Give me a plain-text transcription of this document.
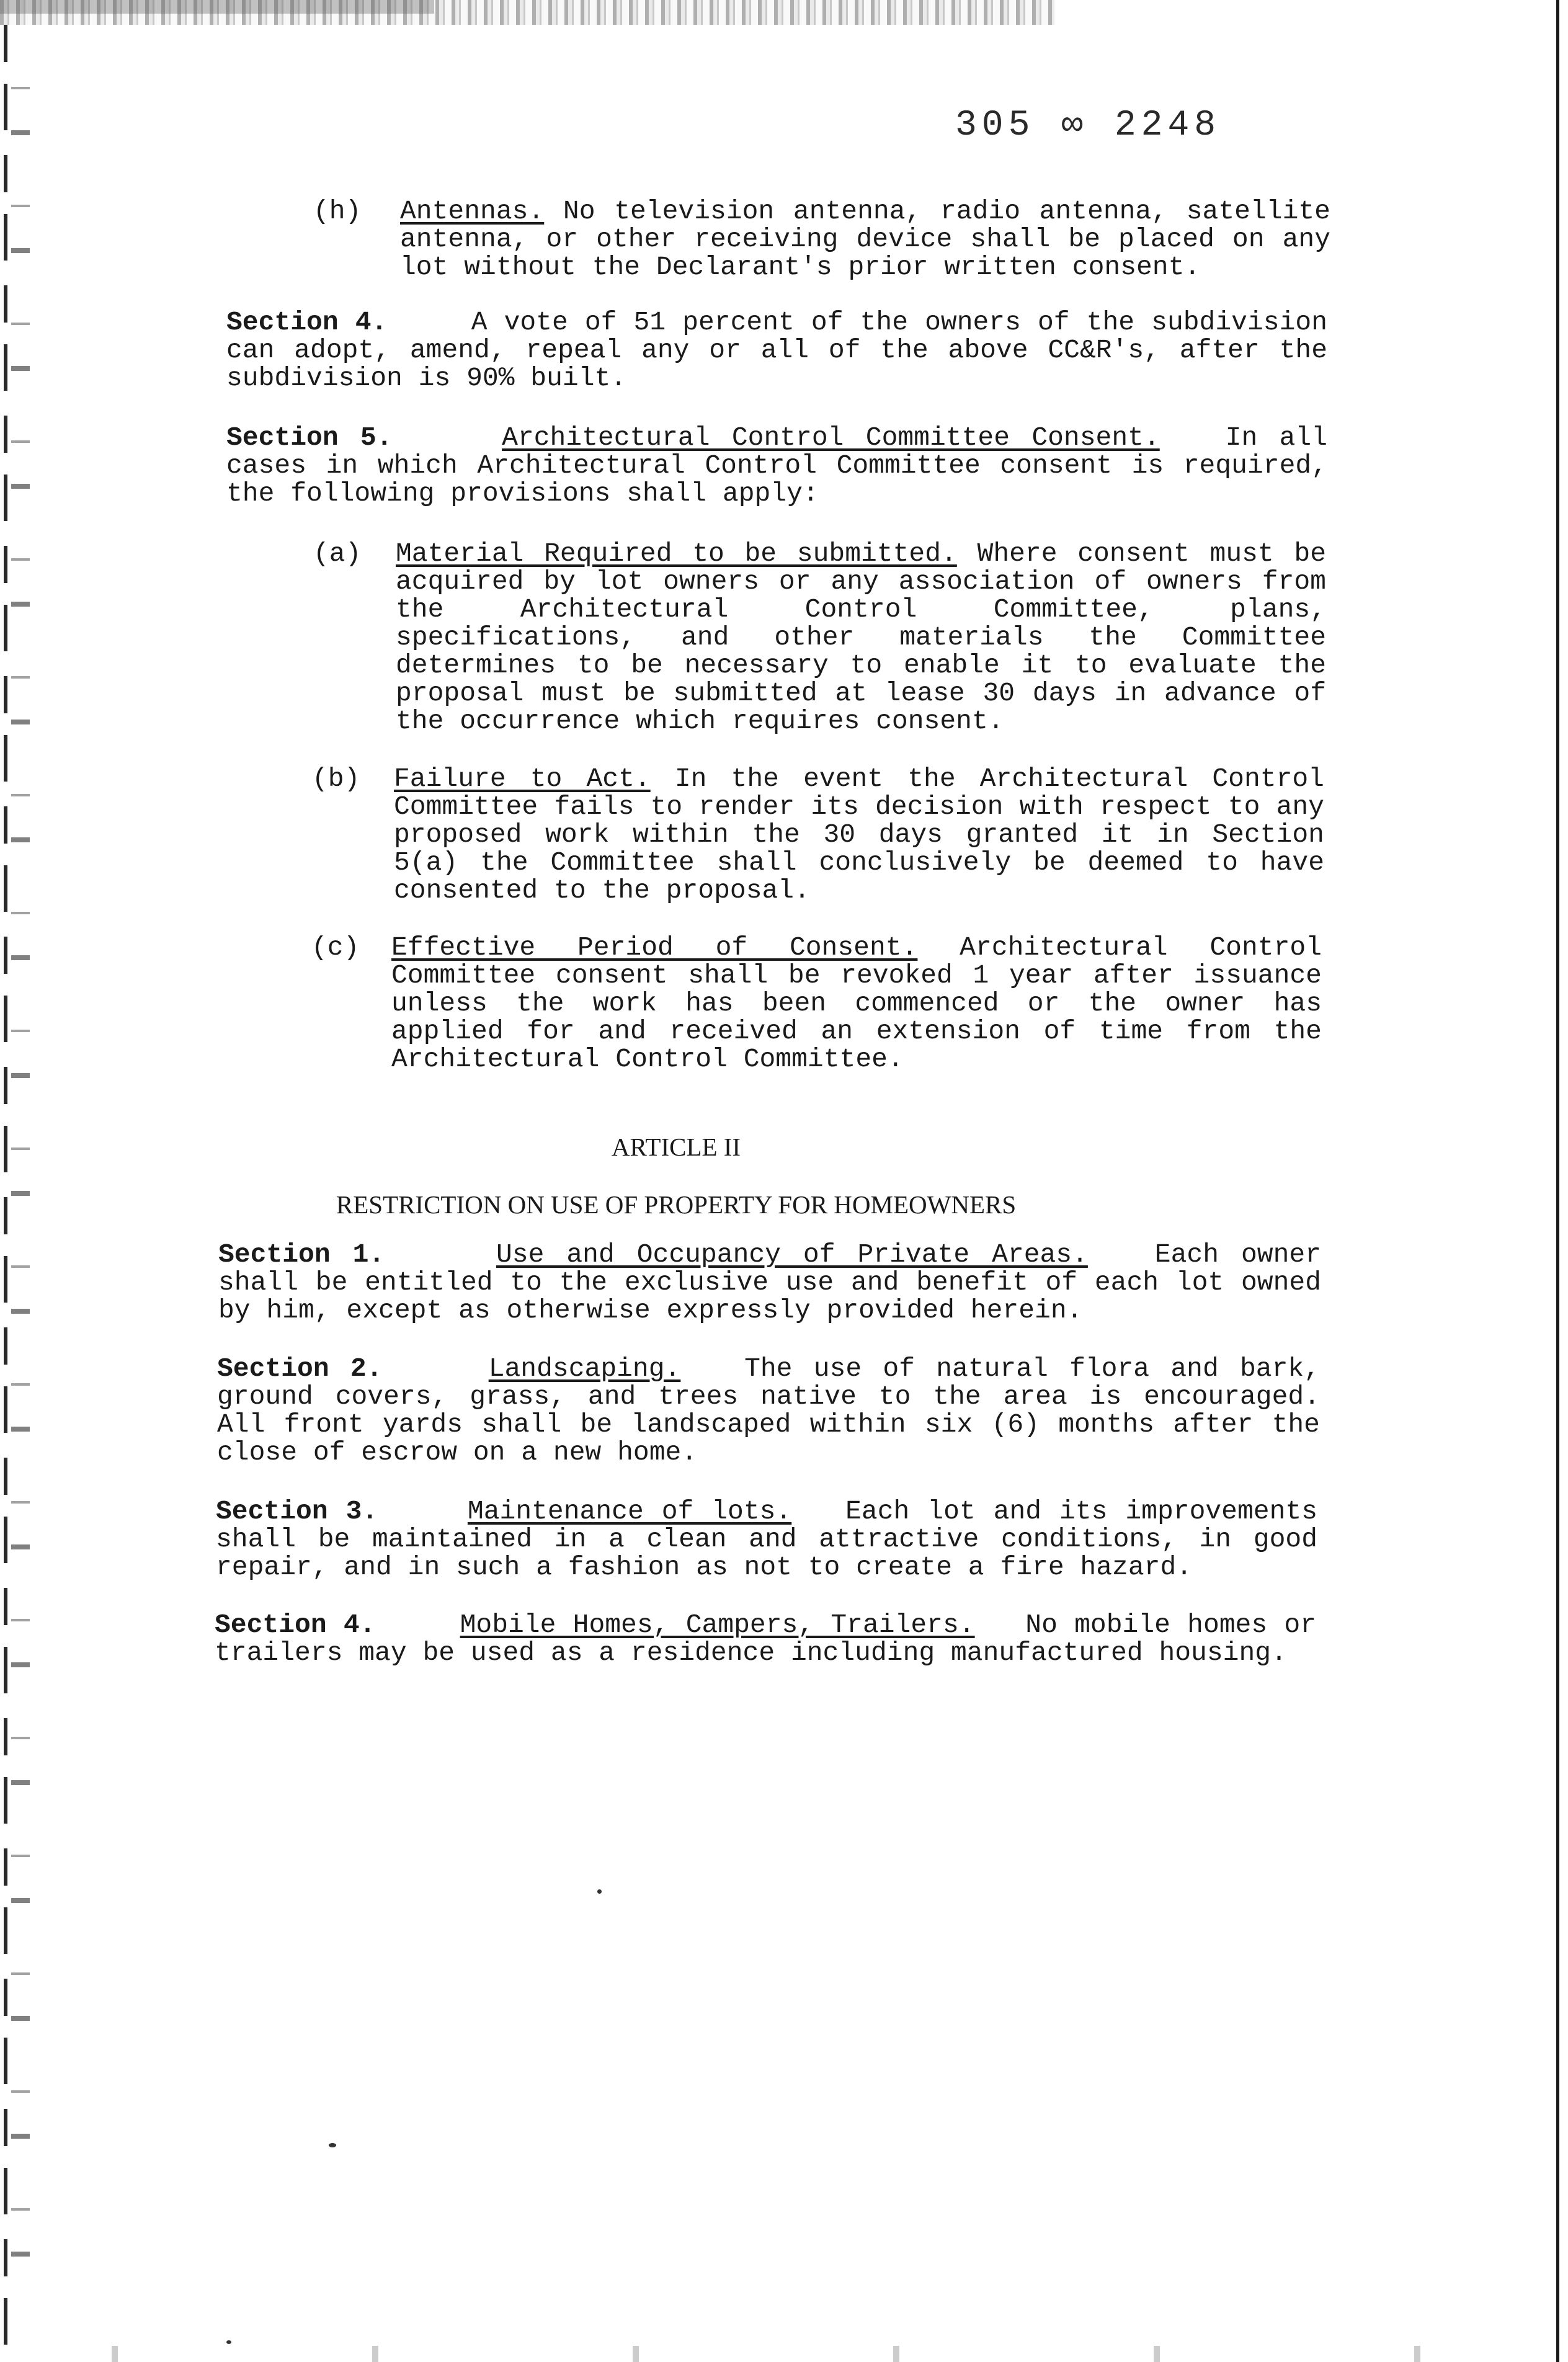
305 ∞ 2248
(h) Antennas. No television antenna, radio antenna, satellite antenna, or other receiving device shall be placed on any lot without the Declarant's prior written consent.
Section 4.	A vote of 51 percent of the owners of the subdivision can adopt, amend, repeal any or all of the above CC&R's, after the subdivision is 90% built.
Section 5.	Architectural Control Committee Consent. In all cases in which Architectural Control Committee consent is required, the following provisions shall apply:
(a) Material Required to be submitted. Where consent must be acquired by lot owners or any association of owners from the Architectural Control Committee, plans, specifications, and other materials the Committee determines to be necessary to enable it to evaluate the proposal must be submitted at lease 30 days in advance of the occurrence which requires consent.
(b) Failure to Act. In the event the Architectural Control Committee fails to render its decision with respect to any proposed work within the 30 days granted it in Section 5(a) the Committee shall conclusively be deemed to have consented to the proposal.
(c) Effective Period of Consent. Architectural Control Committee consent shall be revoked 1 year after issuance unless the work has been commenced or the owner has applied for and received an extension of time from the Architectural Control Committee.
ARTICLE II
RESTRICTION ON USE OF PROPERTY FOR HOMEOWNERS
Section 1.	Use and Occupancy of Private Areas.	Each owner shall be entitled to the exclusive use and benefit of each lot owned by him, except as otherwise expressly provided herein.
Section 2.	Landscaping. The use of natural flora and bark, ground covers, grass, and trees native to the area is encouraged. All front yards shall be landscaped within six (6) months after the close of escrow on a new home.
Section 3.	Maintenance of lots. Each lot and its improvements shall be maintained in a clean and attractive conditions, in good repair, and in such a fashion as not to create a fire hazard.
Section 4.	Mobile Homes, Campers, Trailers. No mobile homes or trailers may be used as a residence including manufactured housing.
